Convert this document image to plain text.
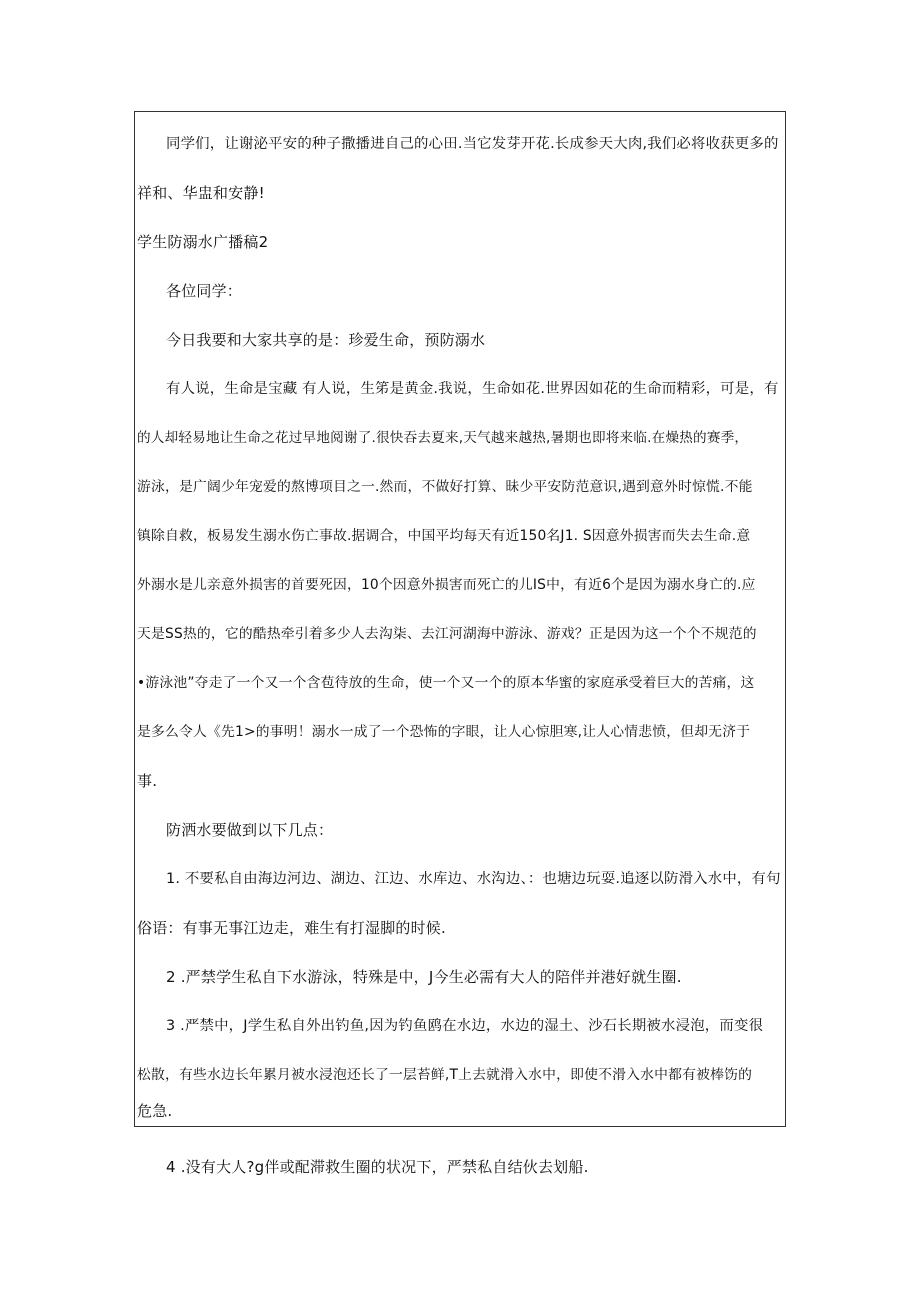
同学们，让谢泌平安的种子撒播进自己的心田.当它发芽开花.长成参天大肉,我们必将收获更多的
祥和、华盅和安静!
学生防溺水广播稿2
各位同学：
今日我要和大家共享的是：珍爱生命，预防溺水
有人说，生命是宝藏 有人说，生笫是黄金.我说，生命如花.世界因如花的生命而精彩，可是，有
的人却轻易地让生命之花过早地阅谢了.很快吞去夏来,天气越来越热,暑期也即将来临.在燥热的赛季，
游泳，是广阔少年宠爱的熬博项目之一.然而，不做好打算、昧少平安防范意识,遇到意外时惊慌.不能
镇除自救，板易发生溺水伤亡事故.据调合，中国平均每天有近150名J1. S因意外损害而失去生命.意
外溺水是儿亲意外损害的首要死因，10个因意外损害而死亡的儿IS中，有近6个是因为溺水身亡的.应
天是SS热的，它的酷热牵引着多少人去沟柒、去江河湖海中游泳、游戏？正是因为这一个个不规范的
•游泳池”夺走了一个又一个含苞待放的生命，使一个又一个的原本华蜜的家庭承受着巨大的苦痛，这
是多么令人《先1>的事明！溺水一成了一个恐怖的字眼，让人心惊胆寒,让人心情悲愤，但却无济于
事.
防洒水要做到以下几点：
1. 不要私自由海边河边、湖边、江边、水库边、水沟边、：也塘边玩耍.追逐以防滑入水中，有句
俗语：有事无事江边走，难生有打湿脚的时候.
2 .严禁学生私自下水游泳，特殊是中，J今生必需有大人的陪伴并港好就生圈.
3 .严禁中，J学生私自外出钓鱼,因为钓鱼鸥在水边，水边的湿土、沙石长期被水浸泡，而变很
松散，有些水边长年累月被水浸泡还长了一层苔鲜,T上去就滑入水中，即使不滑入水中都有被棒饬的
危急.
4 .没有大人?g伴或配滞救生圈的状况下，严禁私自结伙去划船.
